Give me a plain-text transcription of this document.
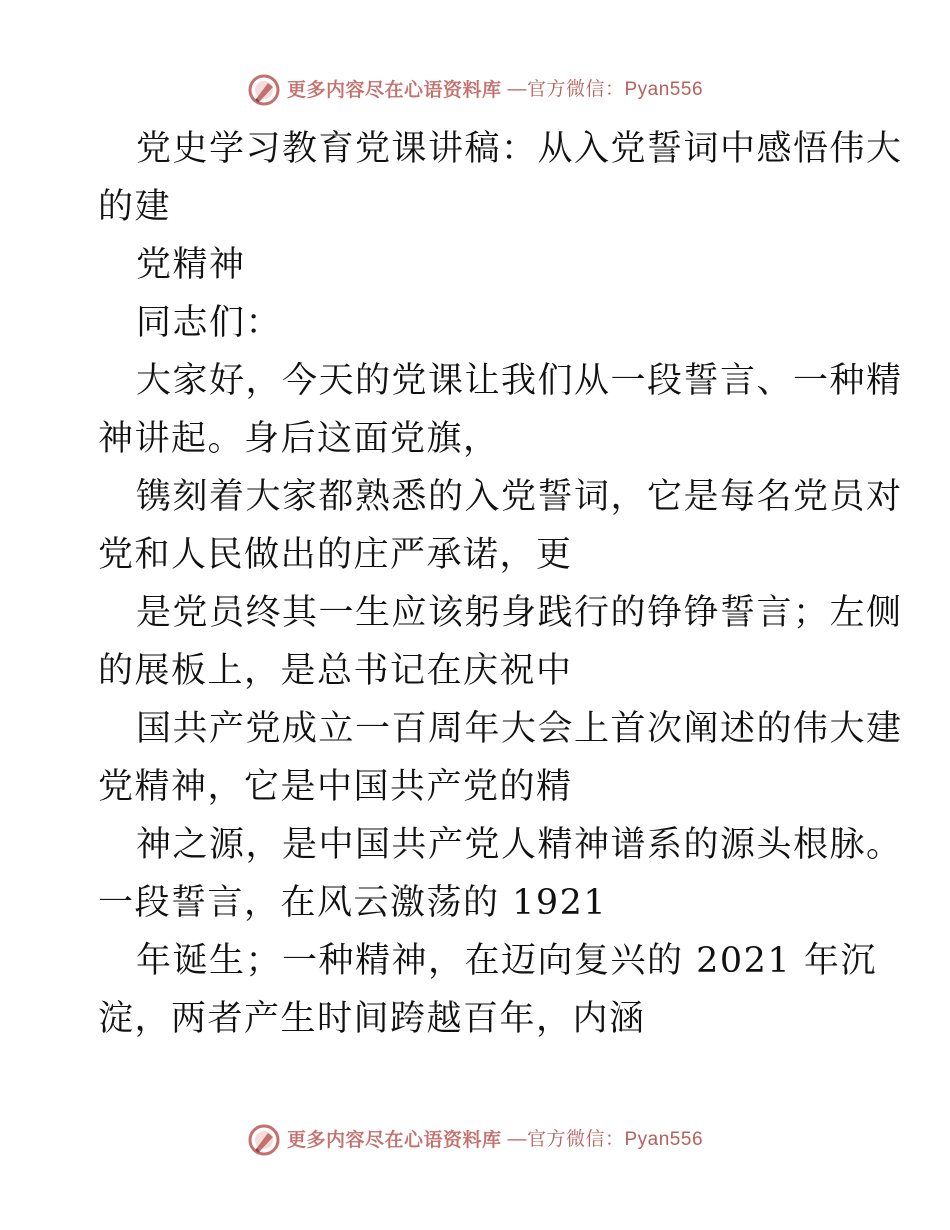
更多内容尽在心语资料库 —官方微信：Pyan556
党史学习教育党课讲稿：从入党誓词中感悟伟大
的建
党精神
同志们：
大家好，今天的党课让我们从一段誓言、一种精
神讲起。身后这面党旗，
镌刻着大家都熟悉的入党誓词，它是每名党员对
党和人民做出的庄严承诺，更
是党员终其一生应该躬身践行的铮铮誓言；左侧
的展板上，是总书记在庆祝中
国共产党成立一百周年大会上首次阐述的伟大建
党精神，它是中国共产党的精
神之源，是中国共产党人精神谱系的源头根脉。
一段誓言，在风云激荡的 1921
年诞生；一种精神，在迈向复兴的 2021 年沉
淀，两者产生时间跨越百年，内涵
更多内容尽在心语资料库 —官方微信：Pyan556
